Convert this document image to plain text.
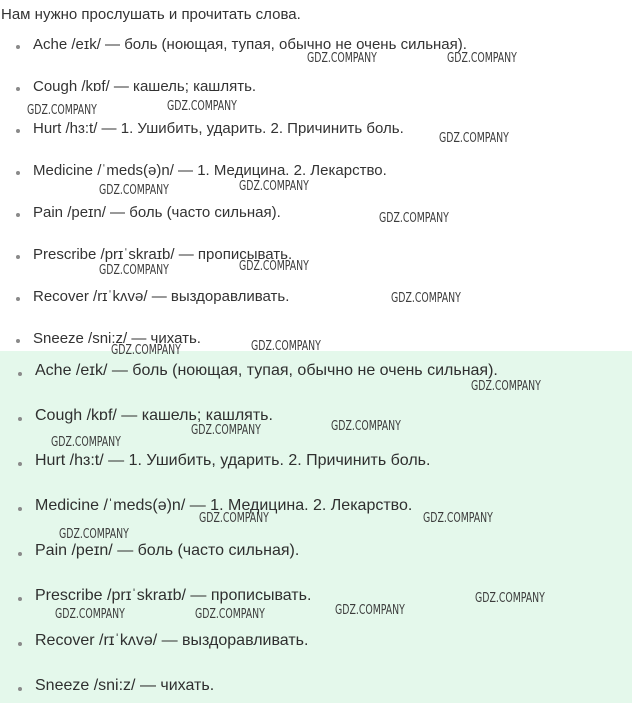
Нам нужно прослушать и прочитать слова.
Ache /eɪk/ — боль (ноющая, тупая, обычно не очень сильная).
Cough /kɒf/ — кашель; кашлять.
Hurt /hɜ:t/ — 1. Ушибить, ударить. 2. Причинить боль.
Medicine /ˈmeds(ə)n/ — 1. Медицина. 2. Лекарство.
Pain /peɪn/ — боль (часто сильная).
Prescribe /prɪˈskraɪb/ — прописывать.
Recover /rɪˈkʌvə/ — выздоравливать.
Sneeze /sni:z/ — чихать.
Ache /eɪk/ — боль (ноющая, тупая, обычно не очень сильная).
Cough /kɒf/ — кашель; кашлять.
Hurt /hɜ:t/ — 1. Ушибить, ударить. 2. Причинить боль.
Medicine /ˈmeds(ə)n/ — 1. Медицина. 2. Лекарство.
Pain /peɪn/ — боль (часто сильная).
Prescribe /prɪˈskraɪb/ — прописывать.
Recover /rɪˈkʌvə/ — выздоравливать.
Sneeze /sni:z/ — чихать.
GDZ.COMPANY	GDZ.COMPANY
GDZ.COMPANY	GDZ.COMPANY
GDZ.COMPANY
GDZ.COMPANY	GDZ.COMPANY
GDZ.COMPANY
GDZ.COMPANY	GDZ.COMPANY
GDZ.COMPANY
GDZ.COMPANY	GDZ.COMPANY
GDZ.COMPANY
GDZ.COMPANY	GDZ.COMPANY
GDZ.COMPANY
GDZ.COMPANY	GDZ.COMPANY
GDZ.COMPANY
GDZ.COMPANY
GDZ.COMPANY
GDZ.COMPANY	GDZ.COMPANY
